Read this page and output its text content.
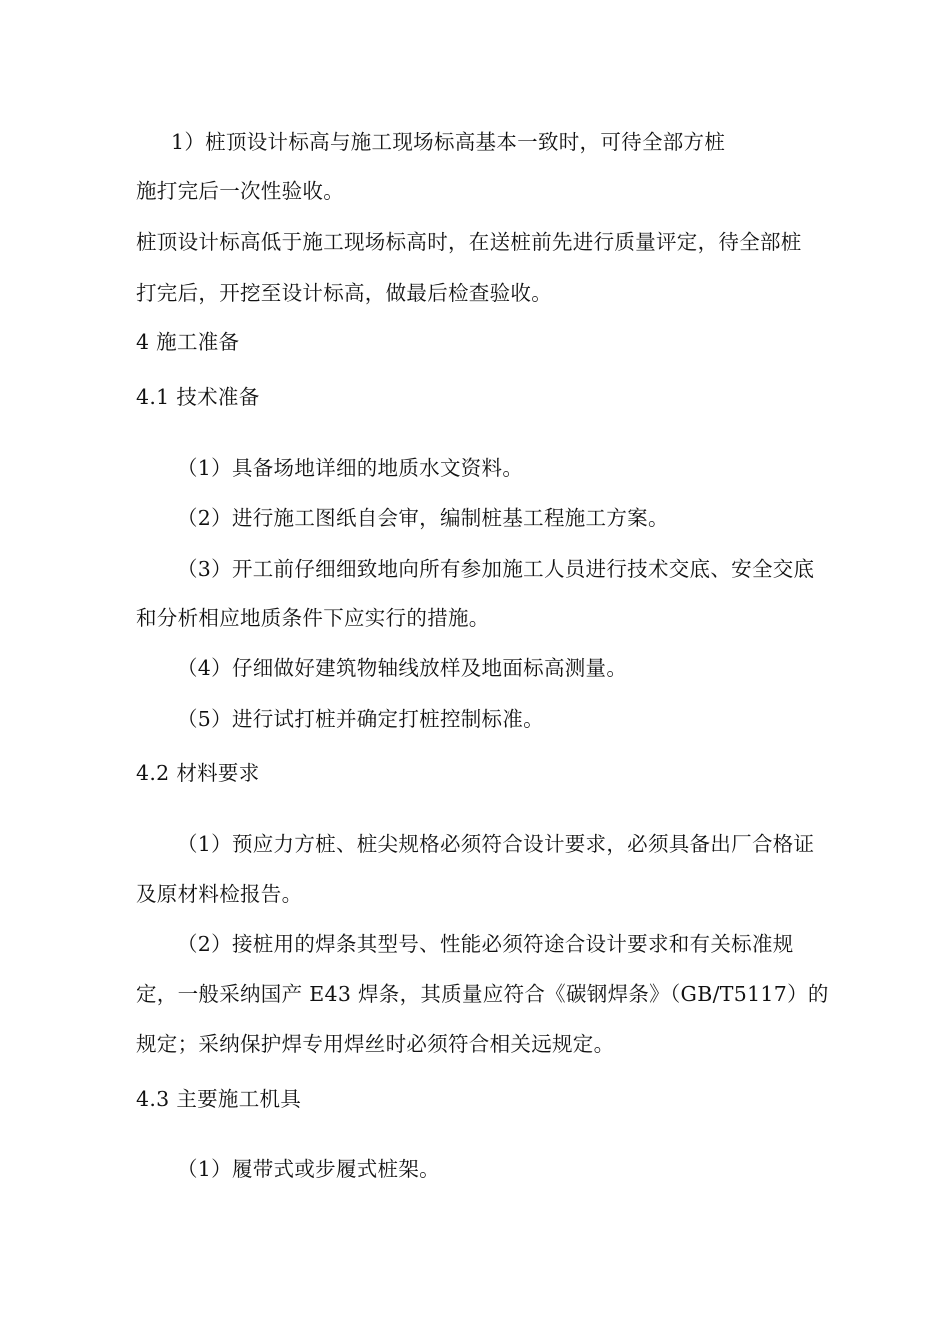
1）桩顶设计标高与施工现场标高基本一致时，可待全部方桩
施打完后一次性验收。
桩顶设计标高低于施工现场标高时，在送桩前先进行质量评定，待全部桩
打完后，开挖至设计标高，做最后检查验收。
4 施工准备
4.1 技术准备
（1）具备场地详细的地质水文资料。
（2）进行施工图纸自会审，编制桩基工程施工方案。
（3）开工前仔细细致地向所有参加施工人员进行技术交底、安全交底
和分析相应地质条件下应实行的措施。
（4）仔细做好建筑物轴线放样及地面标高测量。
（5）进行试打桩并确定打桩控制标准。
4.2 材料要求
（1）预应力方桩、桩尖规格必须符合设计要求，必须具备出厂合格证
及原材料检报告。
（2）接桩用的焊条其型号、性能必须符途合设计要求和有关标准规
定，一般采纳国产 E43 焊条，其质量应符合《碳钢焊条》（GB/T5117）的
规定；采纳保护焊专用焊丝时必须符合相关远规定。
4.3 主要施工机具
（1）履带式或步履式桩架。
